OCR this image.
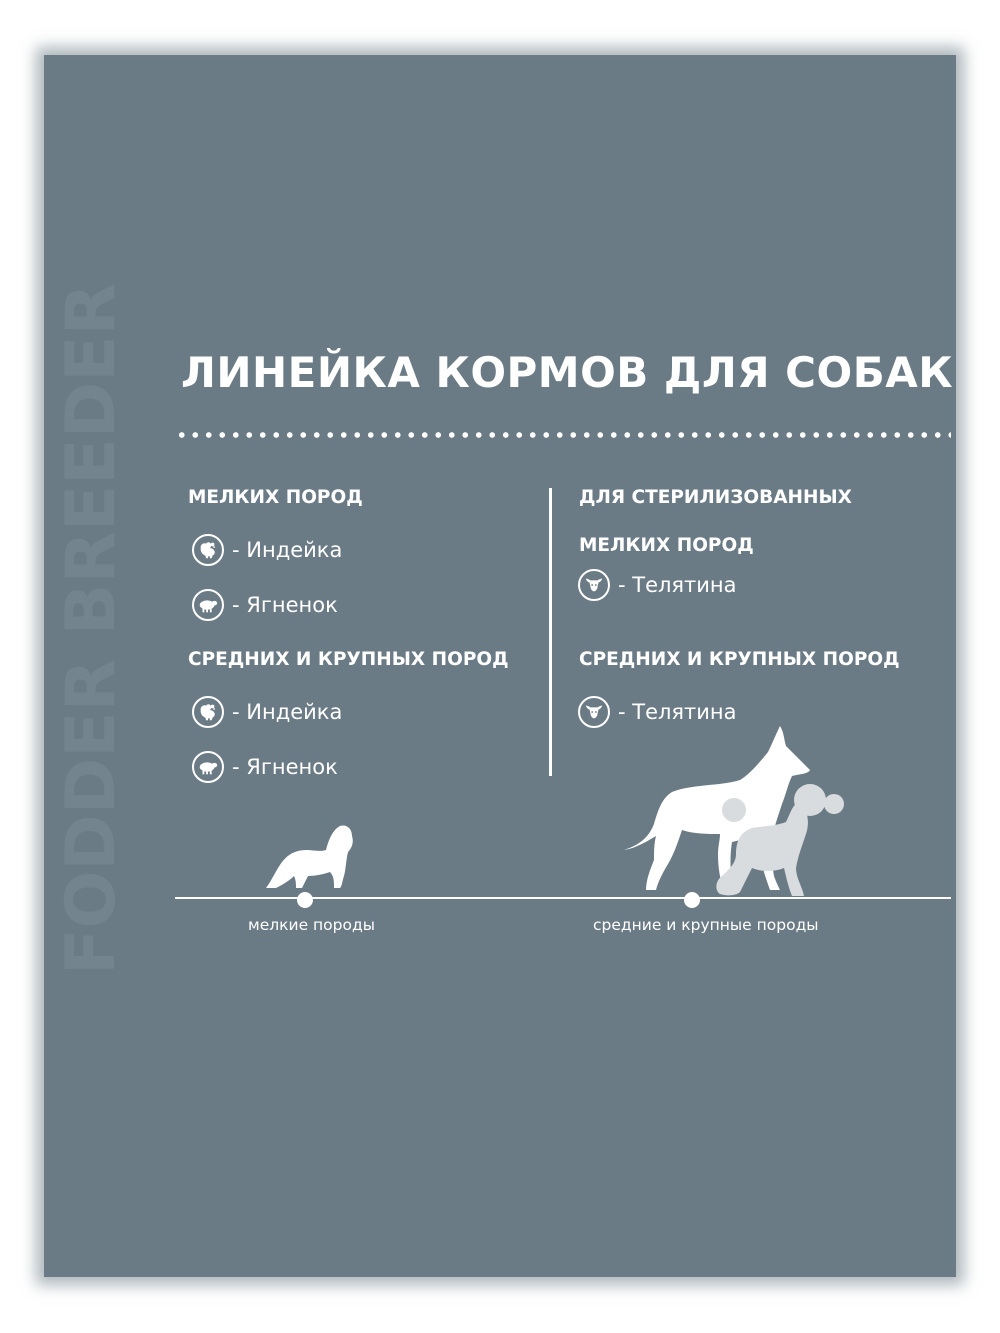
FODDER BREEDER ЛИНЕЙКА КОРМОВ ДЛЯ СОБАК
МЕЛКИХ ПОРОД
- Индейка
- Ягненок
СРЕДНИХ И КРУПНЫХ ПОРОД
- Индейка
- Ягненок
ДЛЯ СТЕРИЛИЗОВАННЫХ
МЕЛКИХ ПОРОД
- Телятина
СРЕДНИХ И КРУПНЫХ ПОРОД
- Телятина
мелкие породы	средние и крупные породы
